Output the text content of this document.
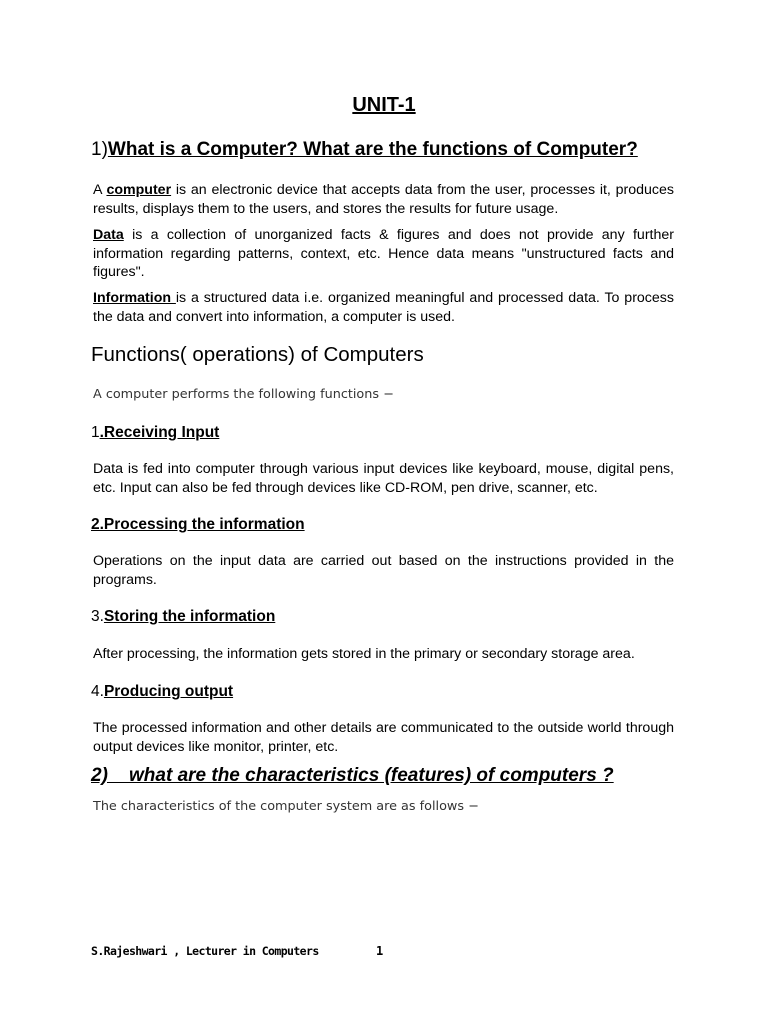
UNIT-1
1)What is a Computer? What are the functions of Computer?
A computer is an electronic device that accepts data from the user, processes it, produces results, displays them to the users, and stores the results for future usage.
Data is a collection of unorganized facts & figures and does not provide any further information regarding patterns, context, etc. Hence data means "unstructured facts and figures".
Information is a structured data i.e. organized meaningful and processed data. To process the data and convert into information, a computer is used.
Functions( operations) of Computers
A computer performs the following functions −
1.Receiving Input
Data is fed into computer through various input devices like keyboard, mouse, digital pens, etc. Input can also be fed through devices like CD-ROM, pen drive, scanner, etc.
2.Processing the information
Operations on the input data are carried out based on the instructions provided in the programs.
3.Storing the information
After processing, the information gets stored in the primary or secondary storage area.
4.Producing output
The processed information and other details are communicated to the outside world through output devices like monitor, printer, etc.
2)    what are the characteristics (features) of computers ?
The characteristics of the computer system are as follows −
S.Rajeshwari , Lecturer in Computers	1
